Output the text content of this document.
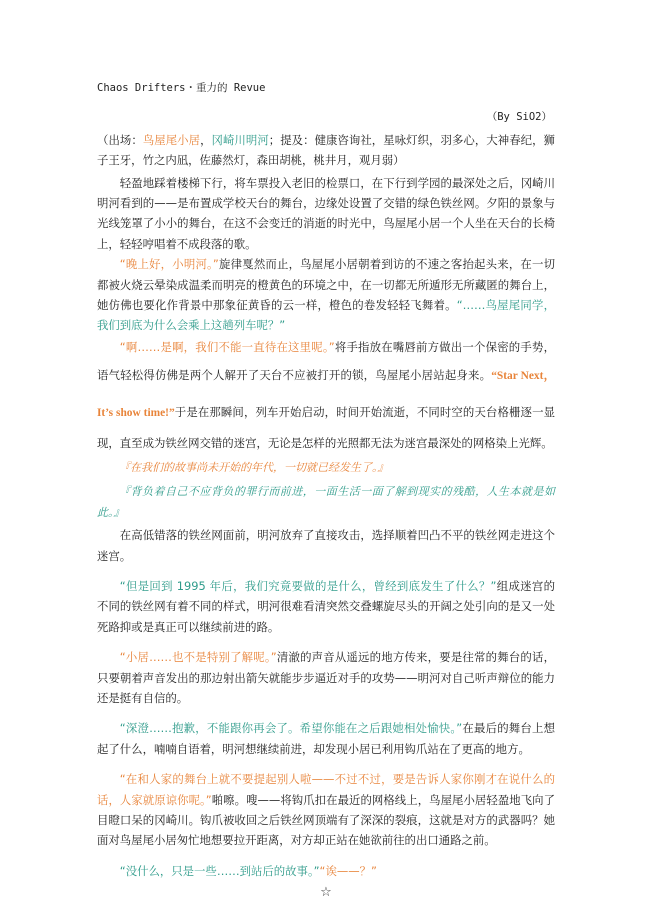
Chaos Drifters・重力的 Revue
（By SiO2）

（出场：鸟屋尾小居，冈崎川明河；提及：健康咨询社，星咏灯织，羽多心，大神春纪，狮子王牙，竹之内凪，佐藤然灯，森田胡桃，桃井月，观月弱）

轻盈地踩着楼梯下行，将车票投入老旧的检票口，在下行到学园的最深处之后，冈崎川明河看到的——是布置成学校天台的舞台，边缘处设置了交错的绿色铁丝网。夕阳的景象与光线笼罩了小小的舞台，在这不会变迁的消逝的时光中，鸟屋尾小居一个人坐在天台的长椅上，轻轻哼唱着不成段落的歌。

“晚上好，小明河。”旋律戛然而止，鸟屋尾小居朝着到访的不速之客抬起头来，在一切都被火烧云晕染成温柔而明亮的橙黄色的环境之中，在一切都无所遁形无所藏匿的舞台上，她仿佛也要化作背景中那象征黄昏的云一样，橙色的卷发轻轻飞舞着。“……鸟屋尾同学，我们到底为什么会乘上这趟列车呢？”

“啊……是啊，我们不能一直待在这里呢。”将手指放在嘴唇前方做出一个保密的手势，语气轻松得仿佛是两个人解开了天台不应被打开的锁，鸟屋尾小居站起身来。“Star Next，It’s show time!”于是在那瞬间，列车开始启动，时间开始流逝，不同时空的天台格栅逐一显现，直至成为铁丝网交错的迷宫，无论是怎样的光照都无法为迷宫最深处的网格染上光辉。

『在我们的故事尚未开始的年代，一切就已经发生了。』

『背负着自己不应背负的罪行而前进，一面生活一面了解到现实的残酷，人生本就是如此。』

在高低错落的铁丝网面前，明河放弃了直接攻击，选择顺着凹凸不平的铁丝网走进这个迷宫。

“但是回到 1995 年后，我们究竟要做的是什么，曾经到底发生了什么？”组成迷宫的不同的铁丝网有着不同的样式，明河很难看清突然交叠螺旋尽头的开阔之处引向的是又一处死路抑或是真正可以继续前进的路。

“小居……也不是特别了解呢。”清澈的声音从遥远的地方传来，要是往常的舞台的话，只要朝着声音发出的那边射出箭矢就能步步逼近对手的攻势——明河对自己听声辩位的能力还是挺有自信的。

“深澄……抱歉，不能跟你再会了。希望你能在之后跟她相处愉快。”在最后的舞台上想起了什么，喃喃自语着，明河想继续前进，却发现小居已利用钩爪站在了更高的地方。

“在和人家的舞台上就不要提起别人啦——不过不过，要是告诉人家你刚才在说什么的话，人家就原谅你呢。”啪嚓。嗖——将钩爪扣在最近的网格线上，鸟屋尾小居轻盈地飞向了目瞪口呆的冈崎川。钩爪被收回之后铁丝网顶端有了深深的裂痕，这就是对方的武器吗？她面对鸟屋尾小居匆忙地想要拉开距离，对方却正站在她欲前往的出口通路之前。

“没什么，只是一些……到站后的故事。”“诶——？”

☆
